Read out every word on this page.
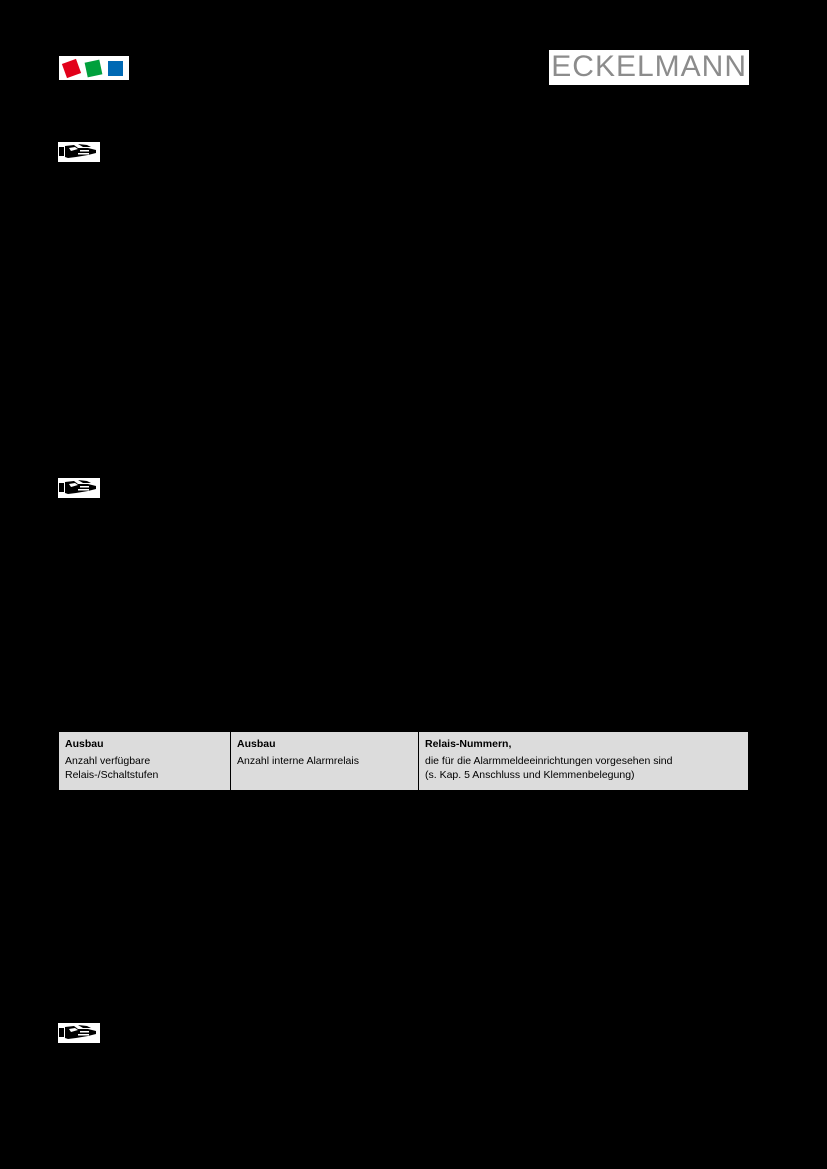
ECKELMANN
Ausbau
Anzahl verfügbare
Relais-/Schaltstufen

Ausbau
Anzahl interne Alarmrelais

Relais-Nummern,
die für die Alarmmeldeeinrichtungen vorgesehen sind
(s. Kap. 5 Anschluss und Klemmenbelegung)
